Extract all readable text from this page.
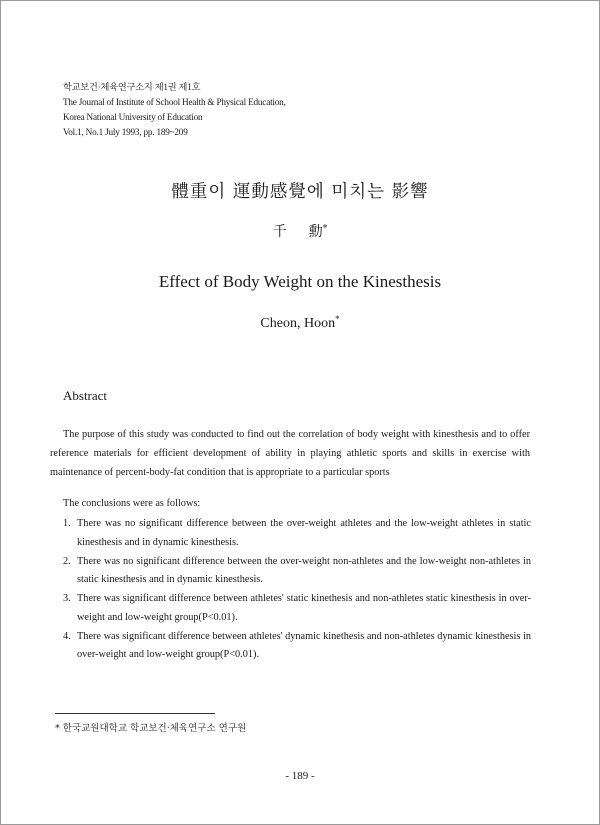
학교보건·체육연구소지 제1권 제1호
The Journal of Institute of School Health & Physical Education,
Korea National University of Education
Vol.1, No.1 July 1993, pp. 189~209
體重이 運動感覺에 미치는 影響
千 勳*
Effect of Body Weight on the Kinesthesis
Cheon, Hoon*
Abstract
The purpose of this study was conducted to find out the correlation of body weight with kinesthesis and to offer reference materials for efficient development of ability in playing athletic sports and skills in exercise with maintenance of percent-body-fat condition that is appropriate to a particular sports
The conclusions were as follows:
1. There was no significant difference between the over-weight athletes and the low-weight athletes in static kinesthesis and in dynamic kinesthesis.
2. There was no significant difference between the over-weight non-athletes and the low-weight non-athletes in static kinesthesis and in dynamic kinesthesis.
3. There was significant difference between athletes' static kinethesis and non-athletes static kinesthesis in over-weight and low-weight group(P<0.01).
4. There was significant difference between athletes' dynamic kinethesis and non-athletes dynamic kinesthesis in over-weight and low-weight group(P<0.01).
* 한국교원대학교 학교보건·체육연구소 연구원
- 189 -
